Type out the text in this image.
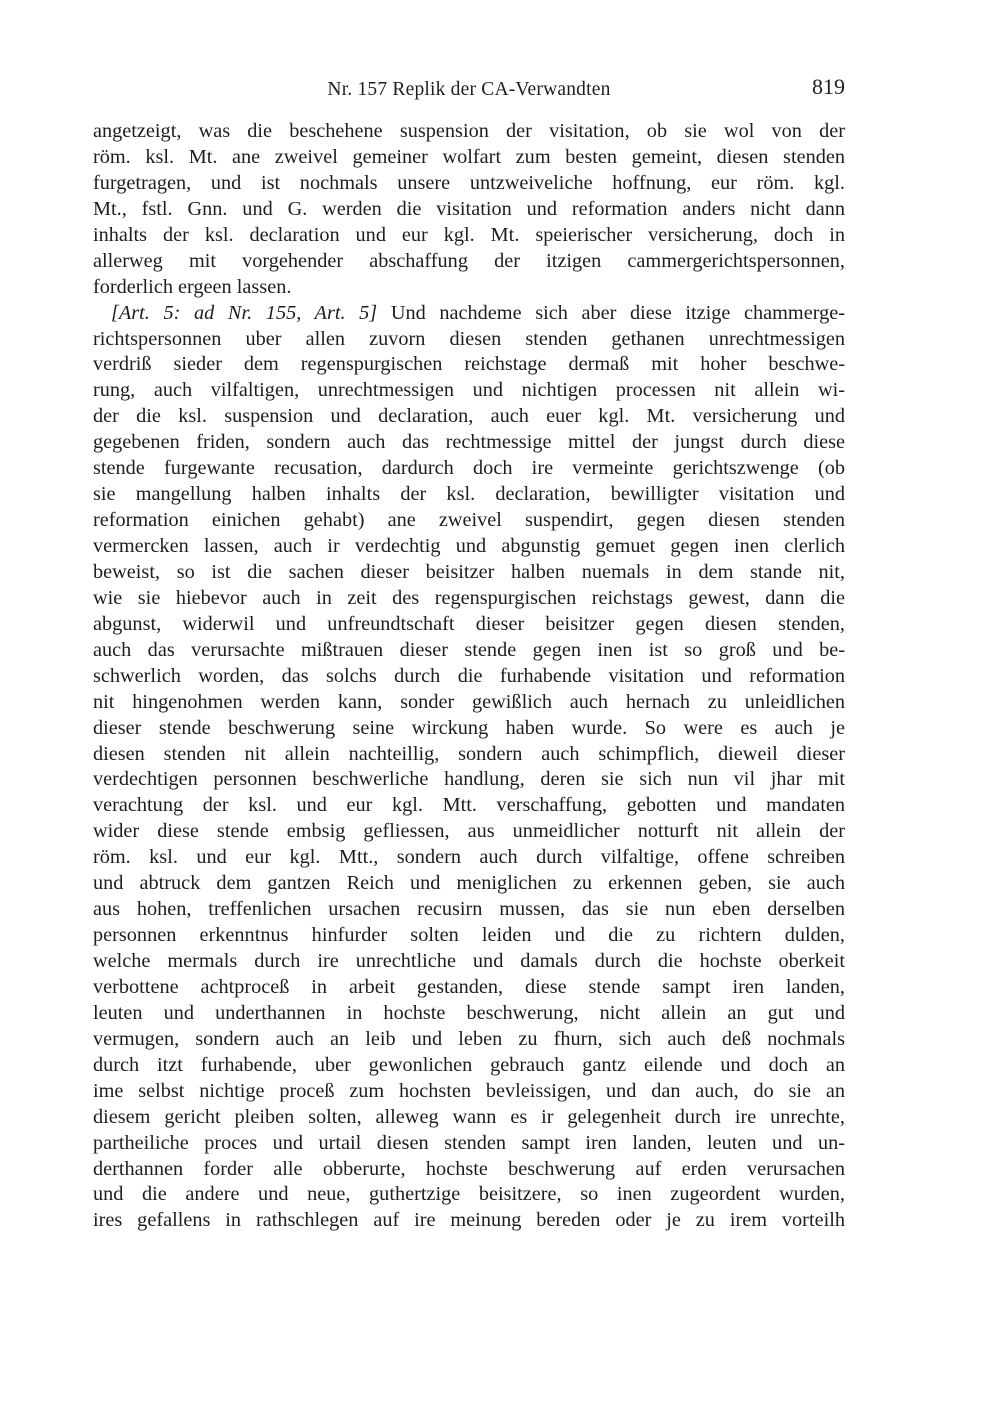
Nr. 157 Replik der CA-Verwandten	819
angetzeigt, was die beschehene suspension der visitation, ob sie wol von der
röm. ksl. Mt. ane zweivel gemeiner wolfart zum besten gemeint, diesen stenden
furgetragen, und ist nochmals unsere untzweiveliche hoffnung, eur röm. kgl.
Mt., fstl. Gnn. und G. werden die visitation und reformation anders nicht dann
inhalts der ksl. declaration und eur kgl. Mt. speierischer versicherung, doch in
allerweg mit vorgehender abschaffung der itzigen cammergerichtspersonnen,
forderlich ergeen lassen.
[Art. 5: ad Nr. 155, Art. 5] Und nachdeme sich aber diese itzige chammerge-
richtspersonnen uber allen zuvorn diesen stenden gethanen unrechtmessigen
verdriß sieder dem regenspurgischen reichstage dermaß mit hoher beschwe-
rung, auch vilfaltigen, unrechtmessigen und nichtigen processen nit allein wi-
der die ksl. suspension und declaration, auch euer kgl. Mt. versicherung und
gegebenen friden, sondern auch das rechtmessige mittel der jungst durch diese
stende furgewante recusation, dardurch doch ire vermeinte gerichtszwenge (ob
sie mangellung halben inhalts der ksl. declaration, bewilligter visitation und
reformation einichen gehabt) ane zweivel suspendirt, gegen diesen stenden
vermercken lassen, auch ir verdechtig und abgunstig gemuet gegen inen clerlich
beweist, so ist die sachen dieser beisitzer halben nuemals in dem stande nit,
wie sie hiebevor auch in zeit des regenspurgischen reichstags gewest, dann die
abgunst, widerwil und unfreundtschaft dieser beisitzer gegen diesen stenden,
auch das verursachte mißtrauen dieser stende gegen inen ist so groß und be-
schwerlich worden, das solchs durch die furhabende visitation und reformation
nit hingenohmen werden kann, sonder gewißlich auch hernach zu unleidlichen
dieser stende beschwerung seine wirckung haben wurde. So were es auch je
diesen stenden nit allein nachteillig, sondern auch schimpflich, dieweil dieser
verdechtigen personnen beschwerliche handlung, deren sie sich nun vil jhar mit
verachtung der ksl. und eur kgl. Mtt. verschaffung, gebotten und mandaten
wider diese stende embsig gefliessen, aus unmeidlicher notturft nit allein der
röm. ksl. und eur kgl. Mtt., sondern auch durch vilfaltige, offene schreiben
und abtruck dem gantzen Reich und meniglichen zu erkennen geben, sie auch
aus hohen, treffenlichen ursachen recusirn mussen, das sie nun eben derselben
personnen erkenntnus hinfurder solten leiden und die zu richtern dulden,
welche mermals durch ire unrechtliche und damals durch die hochste oberkeit
verbottene achtproceß in arbeit gestanden, diese stende sampt iren landen,
leuten und underthannen in hochste beschwerung, nicht allein an gut und
vermugen, sondern auch an leib und leben zu fhurn, sich auch deß nochmals
durch itzt furhabende, uber gewonlichen gebrauch gantz eilende und doch an
ime selbst nichtige proceß zum hochsten bevleissigen, und dan auch, do sie an
diesem gericht pleiben solten, alleweg wann es ir gelegenheit durch ire unrechte,
partheiliche proces und urtail diesen stenden sampt iren landen, leuten und un-
derthannen forder alle obberurte, hochste beschwerung auf erden verursachen
und die andere und neue, guthertzige beisitzere, so inen zugeordent wurden,
ires gefallens in rathschlegen auf ire meinung bereden oder je zu irem vorteilh
